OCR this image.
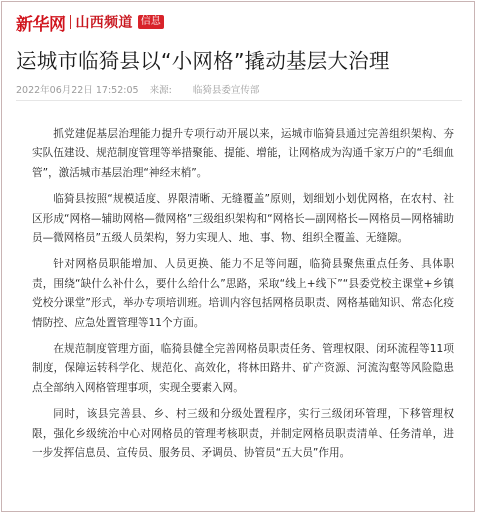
新华网 山西频道 信息
运城市临猗县以“小网格”撬动基层大治理
2022年06月22日 17:52:05 来源: 临猗县委宣传部

抓党建促基层治理能力提升专项行动开展以来，运城市临猗县通过完善组织架构、夯实队伍建设、规范制度管理等举措聚能、提能、增能，让网格成为沟通千家万户的“毛细血管”，激活城市基层治理“神经末梢”。

临猗县按照“规模适度、界限清晰、无缝覆盖”原则，划细划小划优网格，在农村、社区形成“网格—辅助网格—微网格”三级组织架构和“网格长—副网格长—网格员—网格辅助员—微网格员”五级人员架构，努力实现人、地、事、物、组织全覆盖、无缝隙。

针对网格员职能增加、人员更换、能力不足等问题，临猗县聚焦重点任务、具体职责，围绕“缺什么补什么，要什么给什么”思路，采取“线上+线下”“县委党校主课堂+乡镇党校分课堂”形式，举办专项培训班。培训内容包括网格员职责、网格基础知识、常态化疫情防控、应急处置管理等11个方面。

在规范制度管理方面，临猗县健全完善网格员职责任务、管理权限、闭环流程等11项制度，保障运转科学化、规范化、高效化，将林田路井、矿产资源、河流沟壑等风险隐患点全部纳入网格管理事项，实现全要素入网。

同时，该县完善县、乡、村三级和分级处置程序，实行三级闭环管理，下移管理权限，强化乡级统治中心对网格员的管理考核职责，并制定网格员职责清单、任务清单，进一步发挥信息员、宣传员、服务员、矛调员、协管员“五大员”作用。
